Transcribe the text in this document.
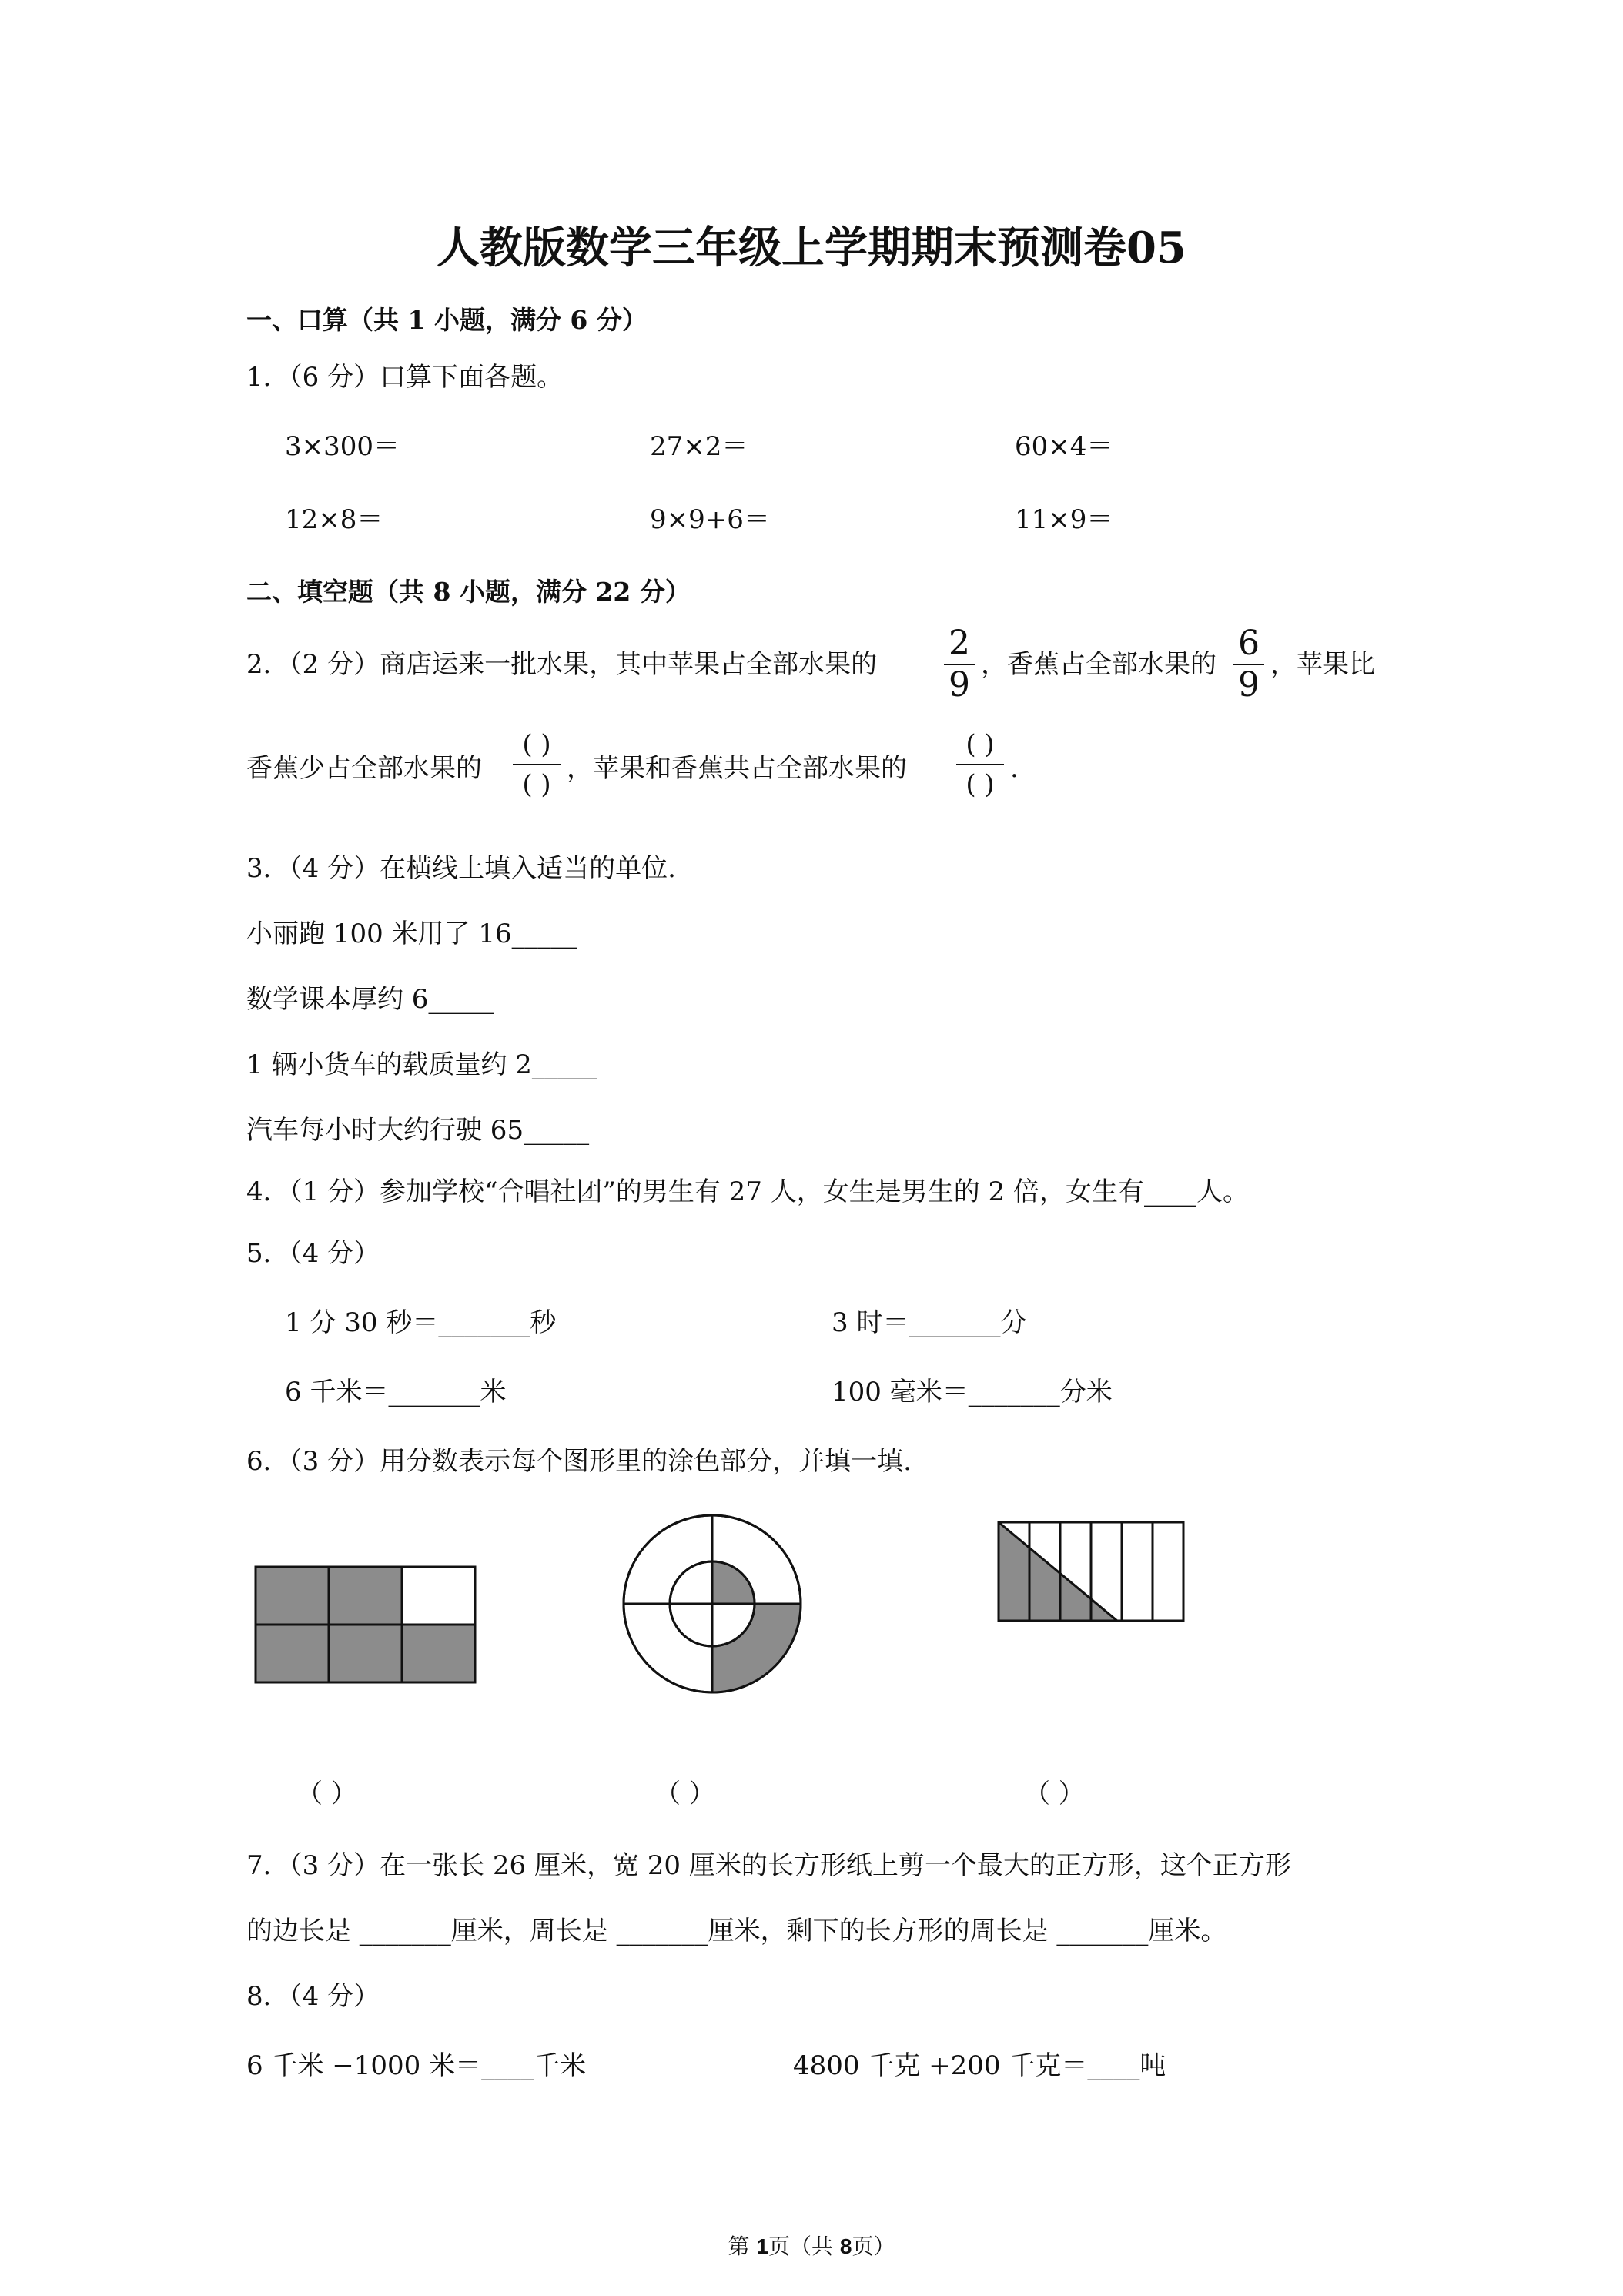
人教版数学三年级上学期期末预测卷05
一、口算（共 1 小题，满分 6 分）
1．（6 分）口算下面各题。
3×300＝	27×2＝	60×4＝
12×8＝	9×9+6＝	11×9＝
二、填空题（共 8 小题，满分 22 分）
2．（2 分）商店运来一批水果，其中苹果占全部水果的
2
9
，香蕉占全部水果的
6
9
，苹果比
香蕉少占全部水果的
( )
( )
，苹果和香蕉共占全部水果的
( )
( )
.
3．（4 分）在横线上填入适当的单位.
小丽跑 100 米用了 16_____
数学课本厚约 6_____
1 辆小货车的载质量约 2_____
汽车每小时大约行驶 65_____
4．（1 分）参加学校“合唱社团”的男生有 27 人，女生是男生的 2 倍，女生有____人。
5．（4 分）
1 分 30 秒＝_______秒	3 时＝_______分
6 千米＝_______米	100 毫米＝_______分米
6．（3 分）用分数表示每个图形里的涂色部分，并填一填.
（ ）	（ ）	（ ）
7．（3 分）在一张长 26 厘米，宽 20 厘米的长方形纸上剪一个最大的正方形，这个正方形
的边长是 _______厘米，周长是 _______厘米，剩下的长方形的周长是 _______厘米。
8．（4 分）
6 千米 −1000 米＝____千米	4800 千克 +200 千克＝____吨
第 1页（共 8页）
